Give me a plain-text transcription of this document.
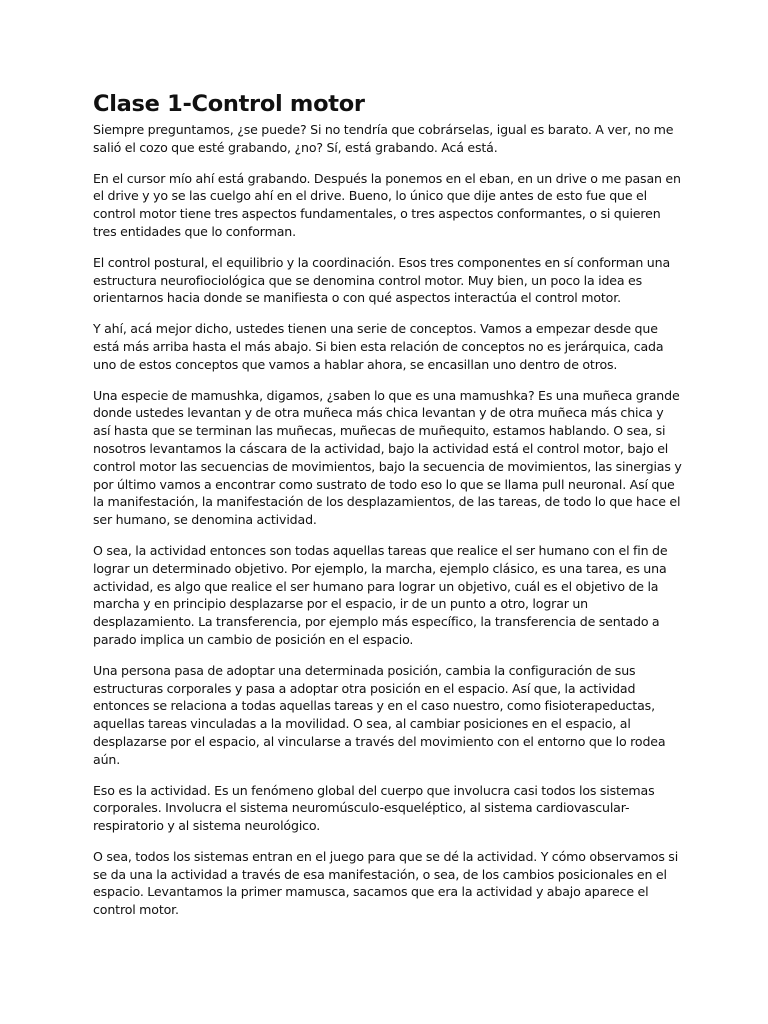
Clase 1-Control motor

Siempre preguntamos, ¿se puede? Si no tendría que cobrárselas, igual es barato. A ver, no me salió el cozo que esté grabando, ¿no? Sí, está grabando. Acá está.

En el cursor mío ahí está grabando. Después la ponemos en el eban, en un drive o me pasan en el drive y yo se las cuelgo ahí en el drive. Bueno, lo único que dije antes de esto fue que el control motor tiene tres aspectos fundamentales, o tres aspectos conformantes, o si quieren tres entidades que lo conforman.

El control postural, el equilibrio y la coordinación. Esos tres componentes en sí conforman una estructura neurofiociológica que se denomina control motor. Muy bien, un poco la idea es orientarnos hacia donde se manifiesta o con qué aspectos interactúa el control motor.

Y ahí, acá mejor dicho, ustedes tienen una serie de conceptos. Vamos a empezar desde que está más arriba hasta el más abajo. Si bien esta relación de conceptos no es jerárquica, cada uno de estos conceptos que vamos a hablar ahora, se encasillan uno dentro de otros.

Una especie de mamushka, digamos, ¿saben lo que es una mamushka? Es una muñeca grande donde ustedes levantan y de otra muñeca más chica levantan y de otra muñeca más chica y así hasta que se terminan las muñecas, muñecas de muñequito, estamos hablando. O sea, si nosotros levantamos la cáscara de la actividad, bajo la actividad está el control motor, bajo el control motor las secuencias de movimientos, bajo la secuencia de movimientos, las sinergias y por último vamos a encontrar como sustrato de todo eso lo que se llama pull neuronal. Así que la manifestación, la manifestación de los desplazamientos, de las tareas, de todo lo que hace el ser humano, se denomina actividad.

O sea, la actividad entonces son todas aquellas tareas que realice el ser humano con el fin de lograr un determinado objetivo. Por ejemplo, la marcha, ejemplo clásico, es una tarea, es una actividad, es algo que realice el ser humano para lograr un objetivo, cuál es el objetivo de la marcha y en principio desplazarse por el espacio, ir de un punto a otro, lograr un desplazamiento. La transferencia, por ejemplo más específico, la transferencia de sentado a parado implica un cambio de posición en el espacio.

Una persona pasa de adoptar una determinada posición, cambia la configuración de sus estructuras corporales y pasa a adoptar otra posición en el espacio. Así que, la actividad entonces se relaciona a todas aquellas tareas y en el caso nuestro, como fisioterapeductas, aquellas tareas vinculadas a la movilidad. O sea, al cambiar posiciones en el espacio, al desplazarse por el espacio, al vincularse a través del movimiento con el entorno que lo rodea aún.

Eso es la actividad. Es un fenómeno global del cuerpo que involucra casi todos los sistemas corporales. Involucra el sistema neuromúsculo-esqueléptico, al sistema cardiovascular-respiratorio y al sistema neurológico.

O sea, todos los sistemas entran en el juego para que se dé la actividad. Y cómo observamos si se da una la actividad a través de esa manifestación, o sea, de los cambios posicionales en el espacio. Levantamos la primer mamusca, sacamos que era la actividad y abajo aparece el control motor.
